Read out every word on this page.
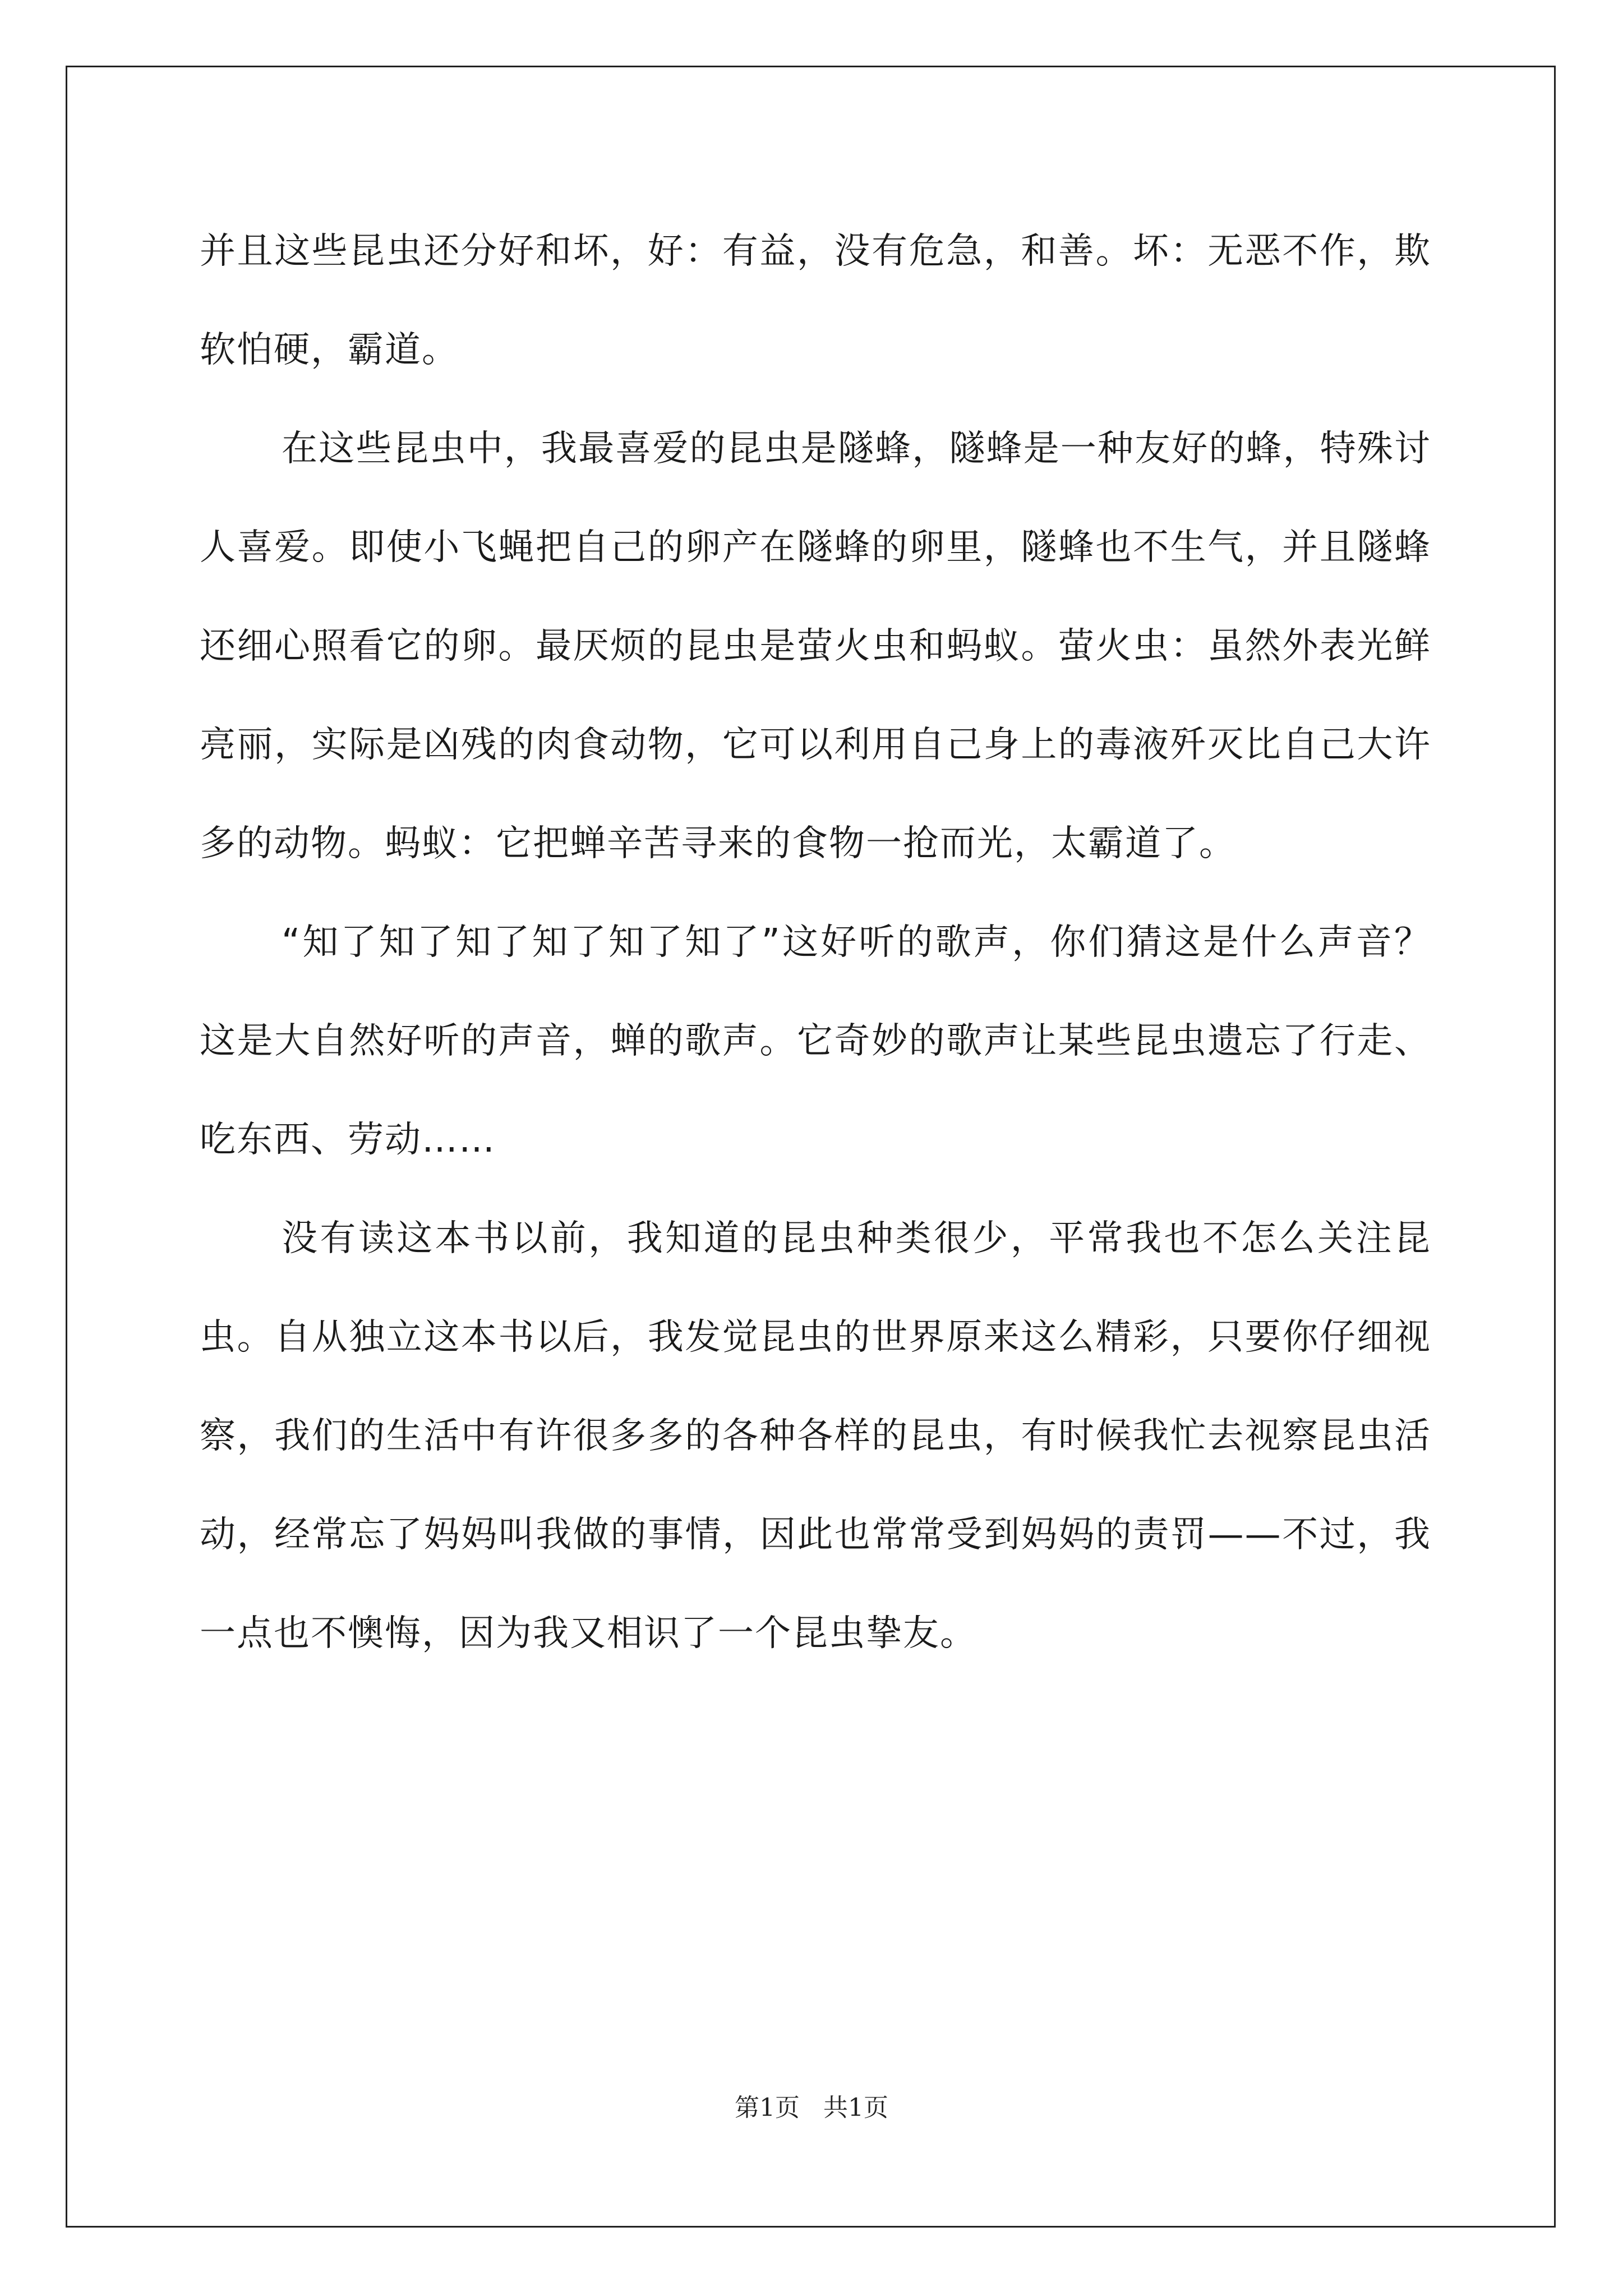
并且这些昆虫还分好和坏，好：有益，没有危急，和善。坏：无恶不作，欺软怕硬，霸道。

在这些昆虫中，我最喜爱的昆虫是隧蜂，隧蜂是一种友好的蜂，特殊讨人喜爱。即使小飞蝇把自己的卵产在隧蜂的卵里，隧蜂也不生气，并且隧蜂还细心照看它的卵。最厌烦的昆虫是萤火虫和蚂蚁。萤火虫：虽然外表光鲜亮丽，实际是凶残的肉食动物，它可以利用自己身上的毒液歼灭比自己大许多的动物。蚂蚁：它把蝉辛苦寻来的食物一抢而光，太霸道了。

“知了知了知了知了知了知了”这好听的歌声，你们猜这是什么声音？这是大自然好听的声音，蝉的歌声。它奇妙的歌声让某些昆虫遗忘了行走、吃东西、劳动……

没有读这本书以前，我知道的昆虫种类很少，平常我也不怎么关注昆虫。自从独立这本书以后，我发觉昆虫的世界原来这么精彩，只要你仔细视察，我们的生活中有许很多多的各种各样的昆虫，有时候我忙去视察昆虫活动，经常忘了妈妈叫我做的事情，因此也常常受到妈妈的责罚——不过，我一点也不懊悔，因为我又相识了一个昆虫挚友。

第1页   共1页
